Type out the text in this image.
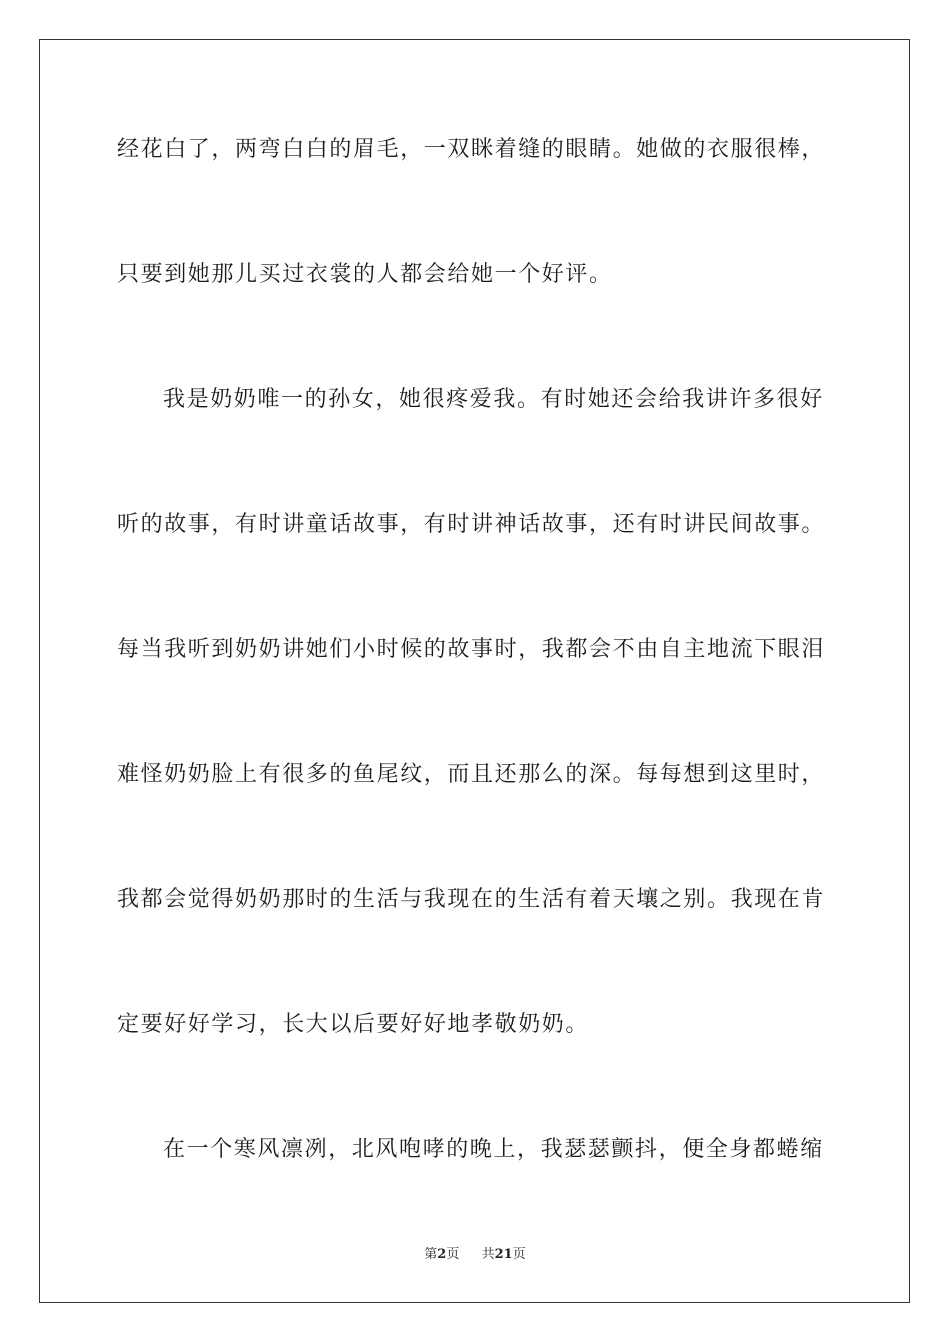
经花白了，两弯白白的眉毛，一双眯着缝的眼睛。她做的衣服很棒，
只要到她那儿买过衣裳的人都会给她一个好评。
我是奶奶唯一的孙女，她很疼爱我。有时她还会给我讲许多很好
听的故事，有时讲童话故事，有时讲神话故事，还有时讲民间故事。
每当我听到奶奶讲她们小时候的故事时，我都会不由自主地流下眼泪
难怪奶奶脸上有很多的鱼尾纹，而且还那么的深。每每想到这里时，
我都会觉得奶奶那时的生活与我现在的生活有着天壤之别。我现在肯
定要好好学习，长大以后要好好地孝敬奶奶。
在一个寒风凛冽，北风咆哮的晚上，我瑟瑟颤抖，便全身都蜷缩
第2页 共21页
